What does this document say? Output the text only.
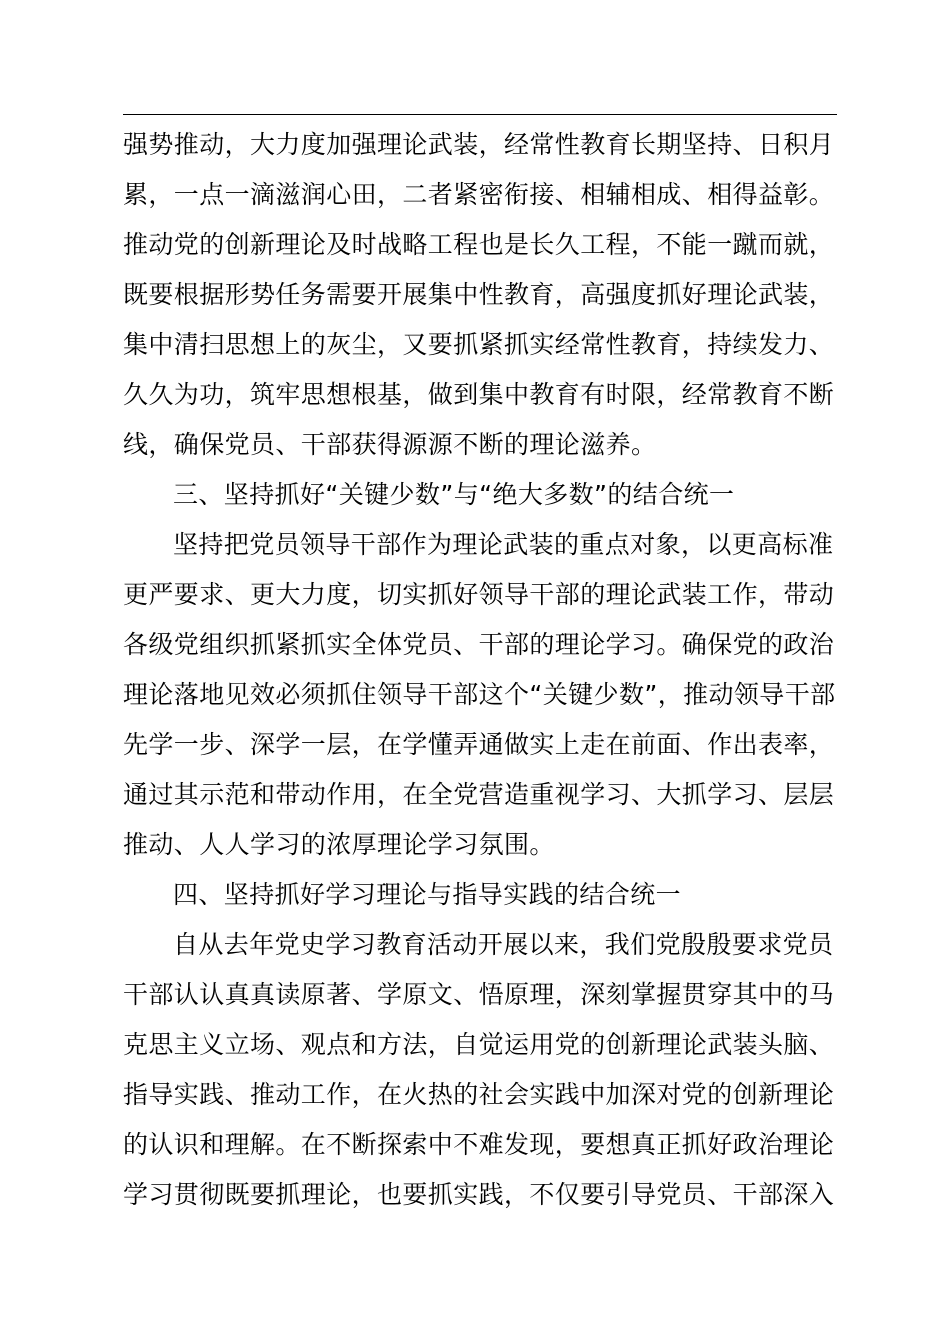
强势推动，大力度加强理论武装，经常性教育长期坚持、日积月
累，一点一滴滋润心田，二者紧密衔接、相辅相成、相得益彰。
推动党的创新理论及时战略工程也是长久工程，不能一蹴而就，
既要根据形势任务需要开展集中性教育，高强度抓好理论武装，
集中清扫思想上的灰尘，又要抓紧抓实经常性教育，持续发力、
久久为功，筑牢思想根基，做到集中教育有时限，经常教育不断
线，确保党员、干部获得源源不断的理论滋养。
三、坚持抓好“关键少数”与“绝大多数”的结合统一
坚持把党员领导干部作为理论武装的重点对象，以更高标准
更严要求、更大力度，切实抓好领导干部的理论武装工作，带动
各级党组织抓紧抓实全体党员、干部的理论学习。确保党的政治
理论落地见效必须抓住领导干部这个“关键少数”，推动领导干部
先学一步、深学一层，在学懂弄通做实上走在前面、作出表率，
通过其示范和带动作用，在全党营造重视学习、大抓学习、层层
推动、人人学习的浓厚理论学习氛围。
四、坚持抓好学习理论与指导实践的结合统一
自从去年党史学习教育活动开展以来，我们党殷殷要求党员
干部认认真真读原著、学原文、悟原理，深刻掌握贯穿其中的马
克思主义立场、观点和方法，自觉运用党的创新理论武装头脑、
指导实践、推动工作，在火热的社会实践中加深对党的创新理论
的认识和理解。在不断探索中不难发现，要想真正抓好政治理论
学习贯彻既要抓理论，也要抓实践，不仅要引导党员、干部深入
